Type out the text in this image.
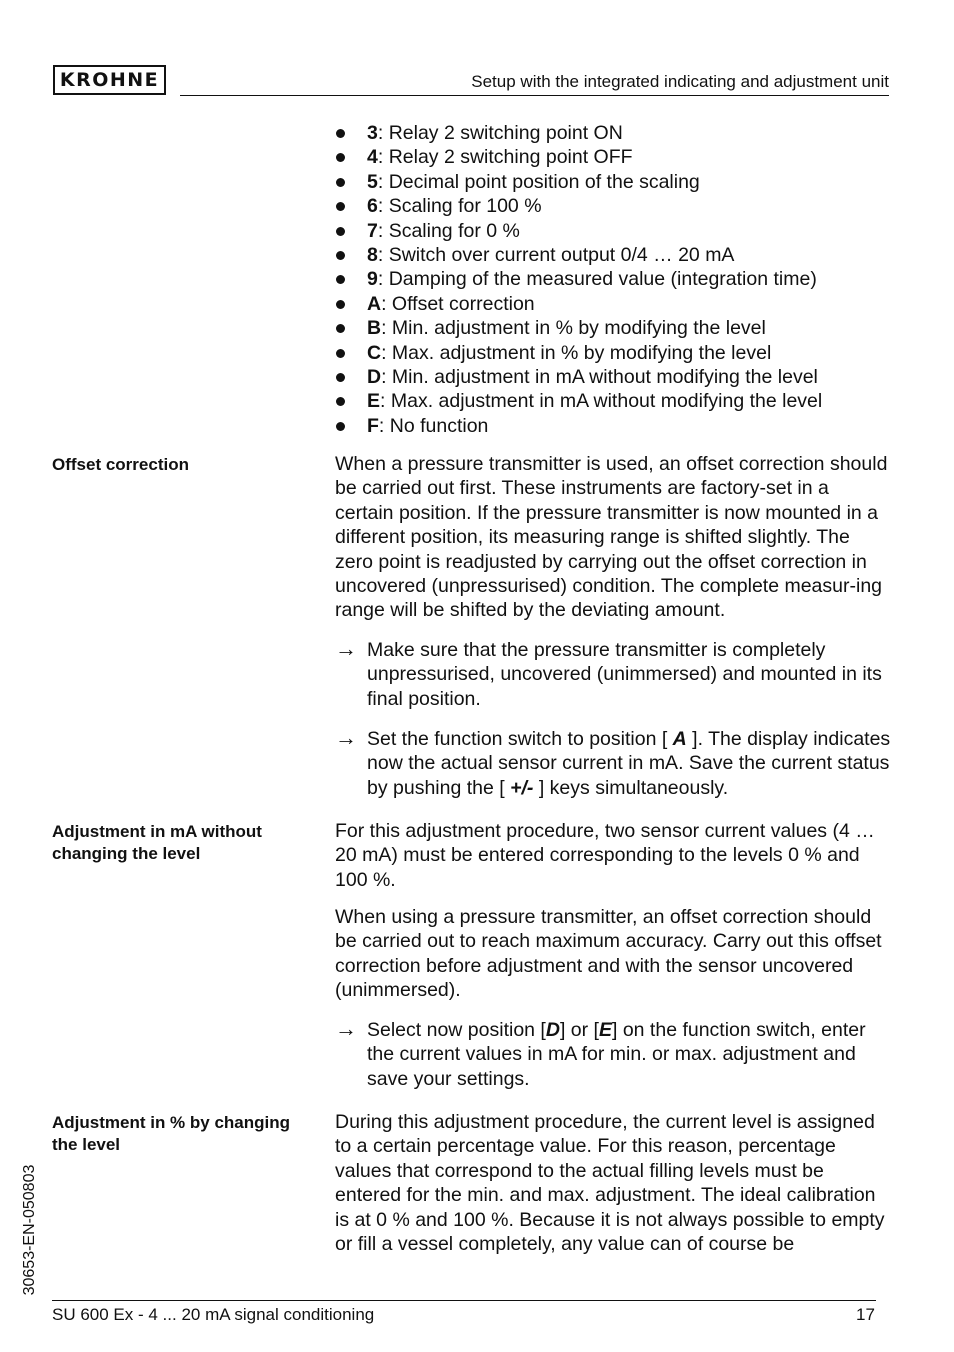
KROHNE	Setup with the integrated indicating and adjustment unit
3: Relay 2 switching point ON
4: Relay 2 switching point OFF
5: Decimal point position of the scaling
6: Scaling for 100 %
7: Scaling for 0 %
8: Switch over current output 0/4 … 20 mA
9: Damping of the measured value (integration time)
A: Offset correction
B: Min. adjustment in % by modifying the level
C: Max. adjustment in % by modifying the level
D: Min. adjustment in mA without modifying the level
E: Max. adjustment in mA without modifying the level
F: No function
Offset correction	When a pressure transmitter is used, an offset correction should be carried out first. These instruments are factory-set in a certain position. If the pressure transmitter is now mounted in a different position, its measuring range is shifted slightly. The zero point is readjusted by carrying out the offset correction in uncovered (unpressurised) condition. The complete measur-ing range will be shifted by the deviating amount.
→ Make sure that the pressure transmitter is completely unpressurised, uncovered (unimmersed) and mounted in its final position.
→ Set the function switch to position [ A ]. The display indicates now the actual sensor current in mA. Save the current status by pushing the [ +/- ] keys simultaneously.
Adjustment in mA without changing the level
For this adjustment procedure, two sensor current values (4 … 20 mA) must be entered corresponding to the levels 0 % and 100 %.
When using a pressure transmitter, an offset correction should be carried out to reach maximum accuracy. Carry out this offset correction before adjustment and with the sensor uncovered (unimmersed).
→ Select now position [D] or [E] on the function switch, enter the current values in mA for min. or max. adjustment and save your settings.
Adjustment in % by changing the level
During this adjustment procedure, the current level is assigned to a certain percentage value. For this reason, percentage values that correspond to the actual filling levels must be entered for the min. and max. adjustment. The ideal calibration is at 0 % and 100 %. Because it is not always possible to empty or fill a vessel completely, any value can of course be
30653-EN-050803
SU 600 Ex - 4 ... 20 mA signal conditioning	17
